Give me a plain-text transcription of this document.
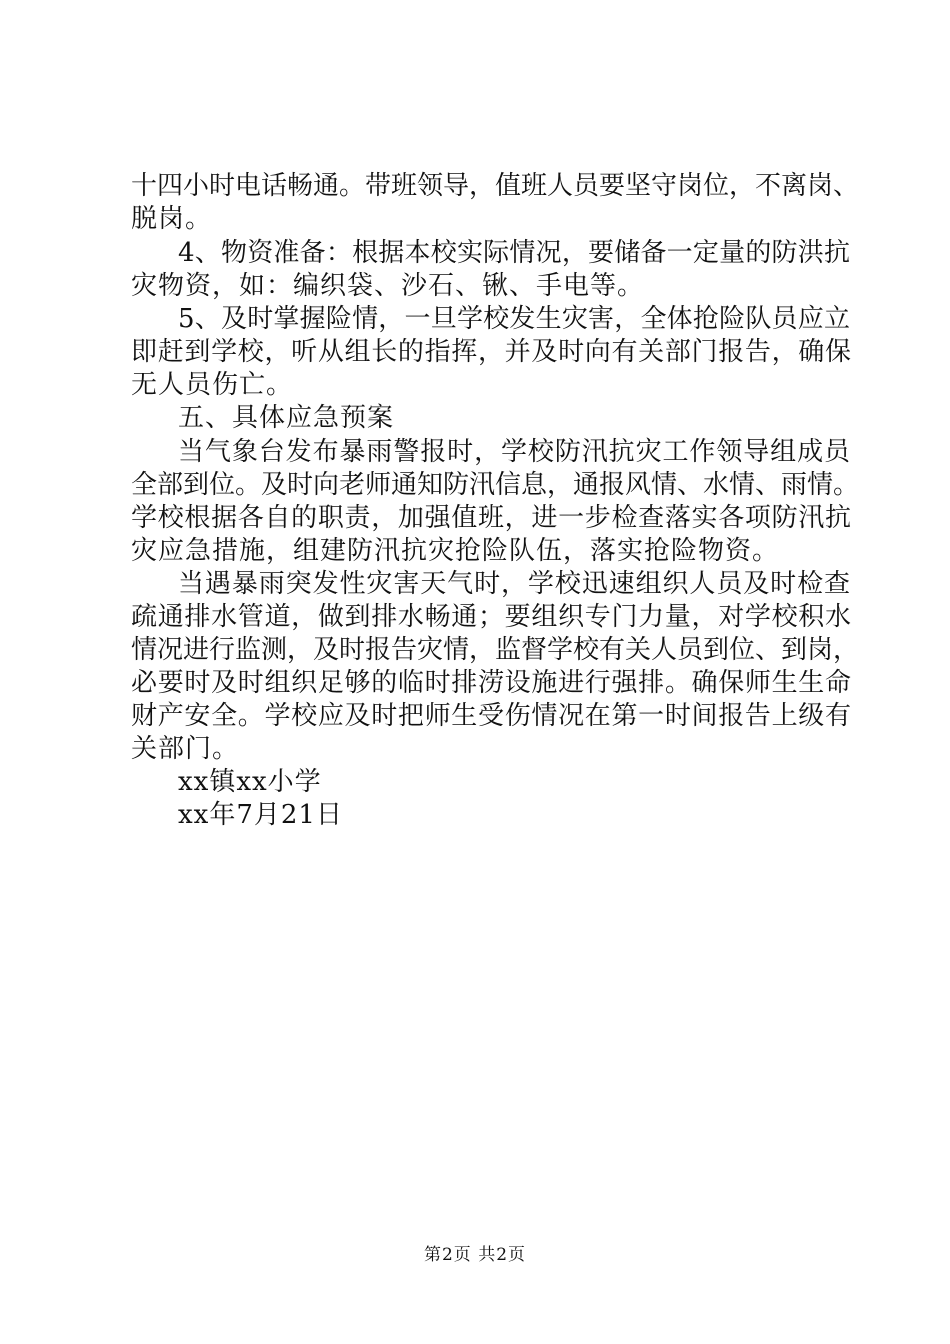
十四小时电话畅通。带班领导，值班人员要坚守岗位，不离岗、
脱岗。
4、物资准备：根据本校实际情况，要储备一定量的防洪抗
灾物资，如：编织袋、沙石、锹、手电等。
5、及时掌握险情，一旦学校发生灾害，全体抢险队员应立
即赶到学校，听从组长的指挥，并及时向有关部门报告，确保
无人员伤亡。
五、具体应急预案
当气象台发布暴雨警报时，学校防汛抗灾工作领导组成员
全部到位。及时向老师通知防汛信息，通报风情、水情、雨情。
学校根据各自的职责，加强值班，进一步检查落实各项防汛抗
灾应急措施，组建防汛抗灾抢险队伍，落实抢险物资。
当遇暴雨突发性灾害天气时，学校迅速组织人员及时检查
疏通排水管道，做到排水畅通；要组织专门力量，对学校积水
情况进行监测，及时报告灾情，监督学校有关人员到位、到岗，
必要时及时组织足够的临时排涝设施进行强排。确保师生生命
财产安全。学校应及时把师生受伤情况在第一时间报告上级有
关部门。
xx镇xx小学
xx年7月21日
第2页 共2页
